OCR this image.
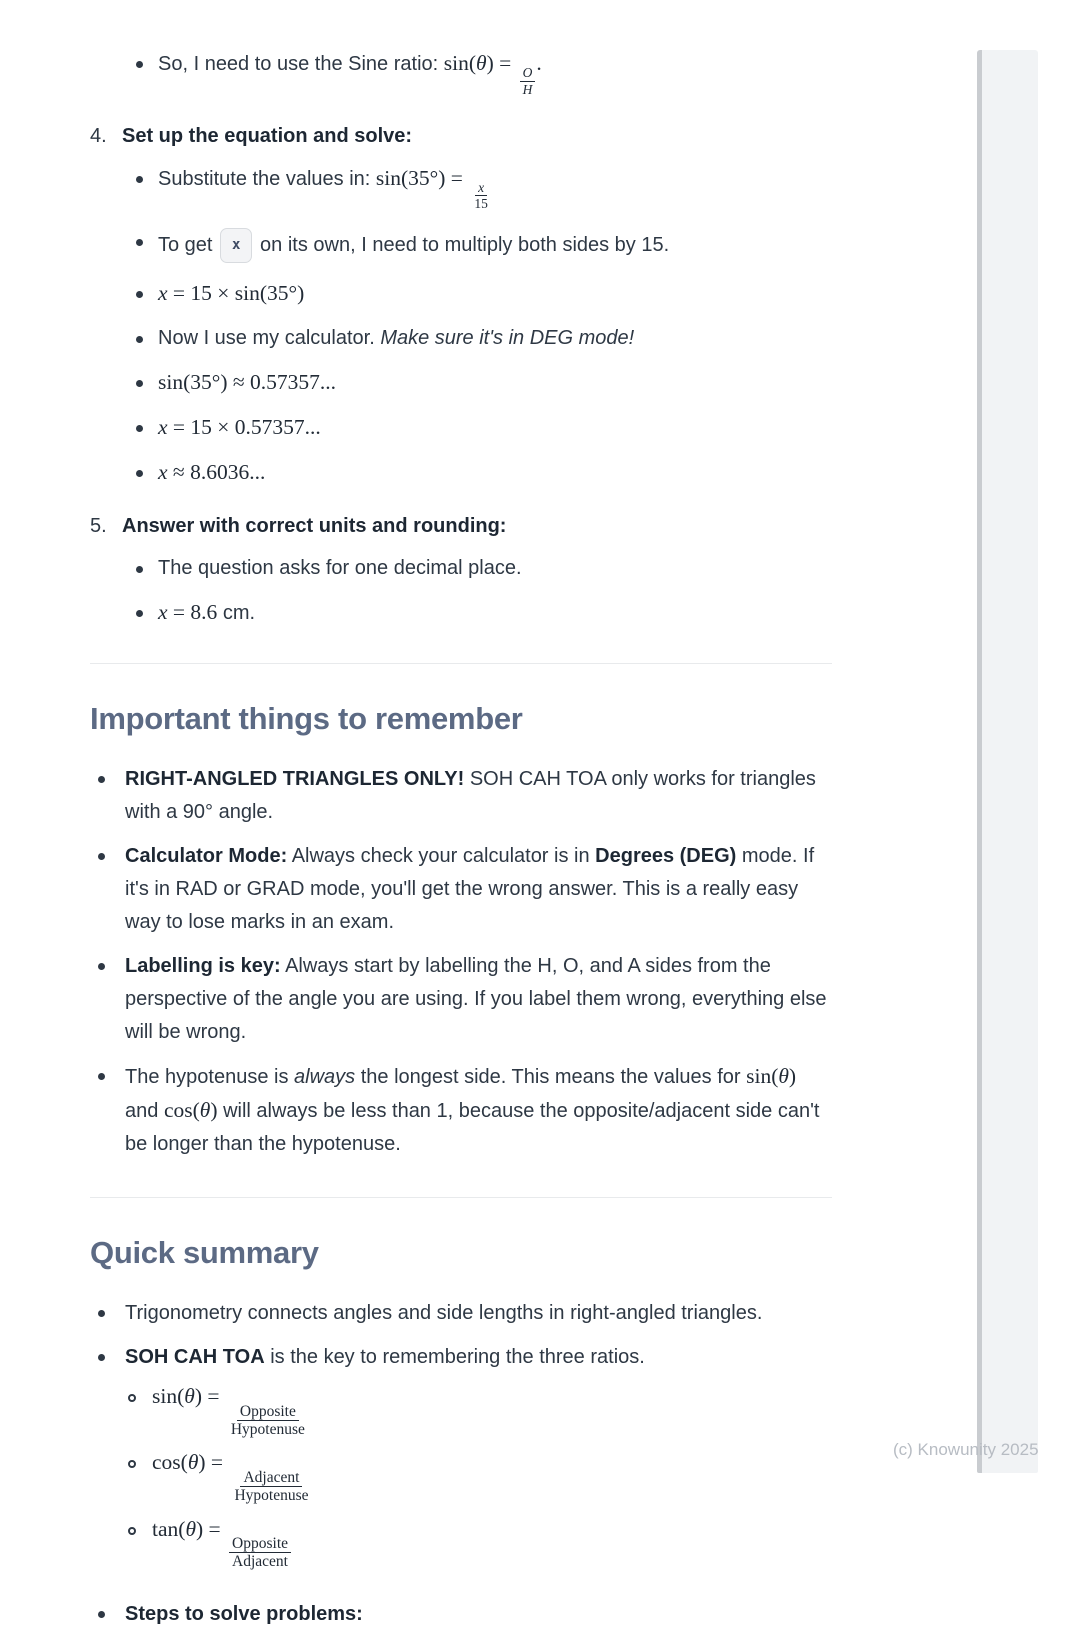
So, I need to use the Sine ratio: sin(θ) =
$\frac{O}{H}$
.
4. Set up the equation and solve:
Substitute the values in: sin(35°) =
$\frac{x}{15}$
To get x on its own, I need to multiply both sides by 15.
x = 15 × sin(35°)
Now I use my calculator. Make sure it's in DEG mode!
sin(35°) ≈ 0.57357...
x = 15 × 0.57357...
x ≈ 8.6036...
5. Answer with correct units and rounding:
The question asks for one decimal place.
x = 8.6 cm.
Important things to remember
RIGHT-ANGLED TRIANGLES ONLY! SOH CAH TOA only works for triangles with a 90° angle.
Calculator Mode: Always check your calculator is in Degrees (DEG) mode. If it's in RAD or GRAD mode, you'll get the wrong answer. This is a really easy way to lose marks in an exam.
Labelling is key: Always start by labelling the H, O, and A sides from the perspective of the angle you are using. If you label them wrong, everything else will be wrong.
The hypotenuse is always the longest side. This means the values for sin(θ) and cos(θ) will always be less than 1, because the opposite/adjacent side can't be longer than the hypotenuse.
Quick summary
Trigonometry connects angles and side lengths in right-angled triangles.
SOH CAH TOA is the key to remembering the three ratios.
sin(θ) =
$\frac{\text{Opposite}}{\text{Hypotenuse}}$
cos(θ) =
$\frac{\text{Adjacent}}{\text{Hypotenuse}}$
tan(θ) =
$\frac{\text{Opposite}}{\text{Adjacent}}$
Steps to solve problems:
(c) Knowunity 2025
